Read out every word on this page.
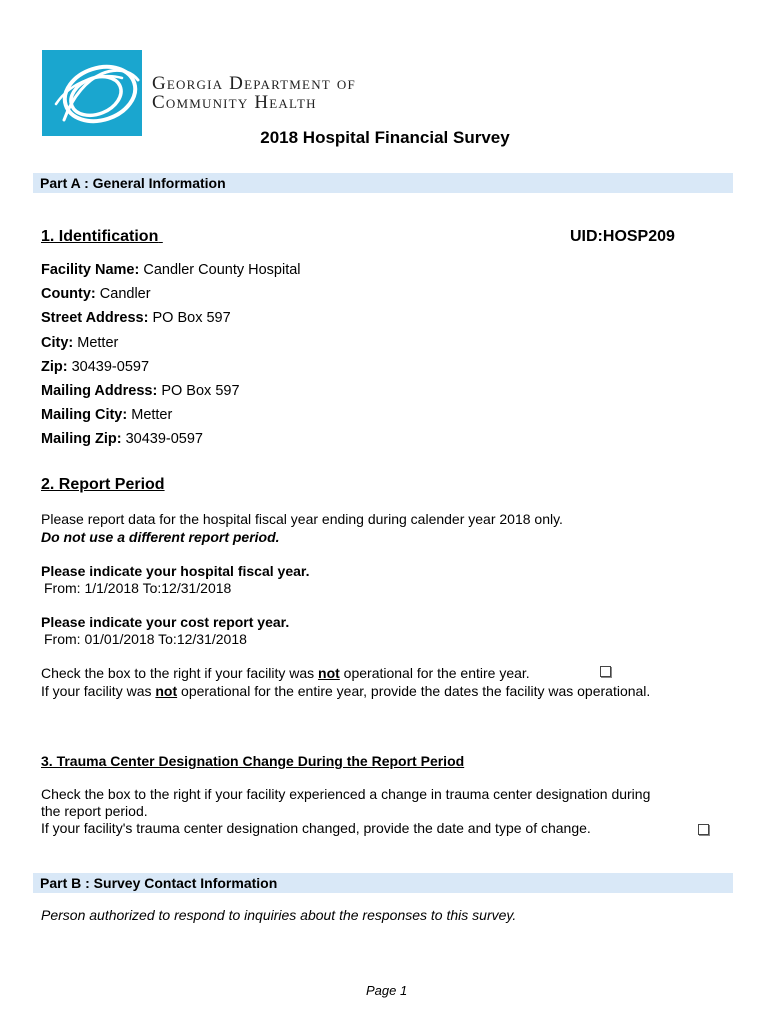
Georgia Department of
Community Health
2018 Hospital Financial Survey
Part A : General Information
1. Identification	UID:HOSP209
Facility Name: Candler County Hospital
County: Candler
Street Address: PO Box 597
City: Metter
Zip: 30439-0597
Mailing Address: PO Box 597
Mailing City: Metter
Mailing Zip: 30439-0597
2. Report Period
Please report data for the hospital fiscal year ending during calender year 2018 only.
Do not use a different report period.
Please indicate your hospital fiscal year.
From: 1/1/2018 To:12/31/2018
Please indicate your cost report year.
From: 01/01/2018 To:12/31/2018
Check the box to the right if your facility was not operational for the entire year.
If your facility was not operational for the entire year, provide the dates the facility was operational.
3. Trauma Center Designation Change During the Report Period
Check the box to the right if your facility experienced a change in trauma center designation during
the report period.
If your facility's trauma center designation changed, provide the date and type of change.
Part B : Survey Contact Information
Person authorized to respond to inquiries about the responses to this survey.
Page 1
